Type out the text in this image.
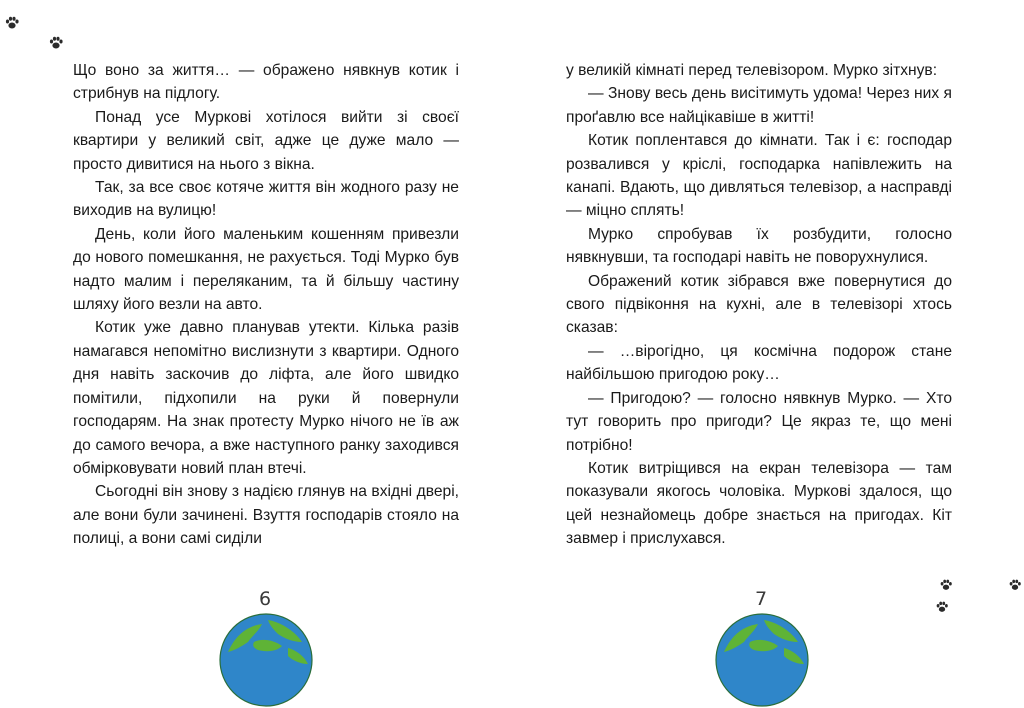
Що воно за життя… — ображено нявкнув котик і стрибнув на підлогу.

Понад усе Муркові хотілося вийти зі своєї квартири у великий світ, адже це дуже мало — просто дивитися на нього з вікна.

Так, за все своє котяче життя він жодного разу не виходив на вулицю!

День, коли його маленьким кошенням привезли до нового помешкання, не рахується. Тоді Мурко був надто малим і переляканим, та й більшу частину шляху його везли на авто.

Котик уже давно планував утекти. Кілька разів намагався непомітно вислизнути з квартири. Одного дня навіть заскочив до ліфта, але його швидко помітили, підхопили на руки й повернули господарям. На знак протесту Мурко нічого не їв аж до самого вечора, а вже наступного ранку заходився обмірковувати новий план втечі.

Сьогодні він знову з надією глянув на вхідні двері, але вони були зачинені. Взуття господарів стояло на полиці, а вони самі сиділи

6

у великій кімнаті перед телевізором. Мурко зітхнув:

— Знову весь день висітимуть удома! Через них я проґавлю все найцікавіше в житті!

Котик поплентався до кімнати. Так і є: господар розвалився у кріслі, господарка напівлежить на канапі. Вдають, що дивляться телевізор, а насправді — міцно сплять!

Мурко спробував їх розбудити, голосно нявкнувши, та господарі навіть не поворухнулися.

Ображений котик зібрався вже повернутися до свого підвіконня на кухні, але в телевізорі хтось сказав:

— …вірогідно, ця космічна подорож стане найбільшою пригодою року…

— Пригодою? — голосно нявкнув Мурко. — Хто тут говорить про пригоди? Це якраз те, що мені потрібно!

Котик витріщився на екран телевізора — там показували якогось чоловіка. Муркові здалося, що цей незнайомець добре знається на пригодах. Кіт завмер і прислухався.

7
